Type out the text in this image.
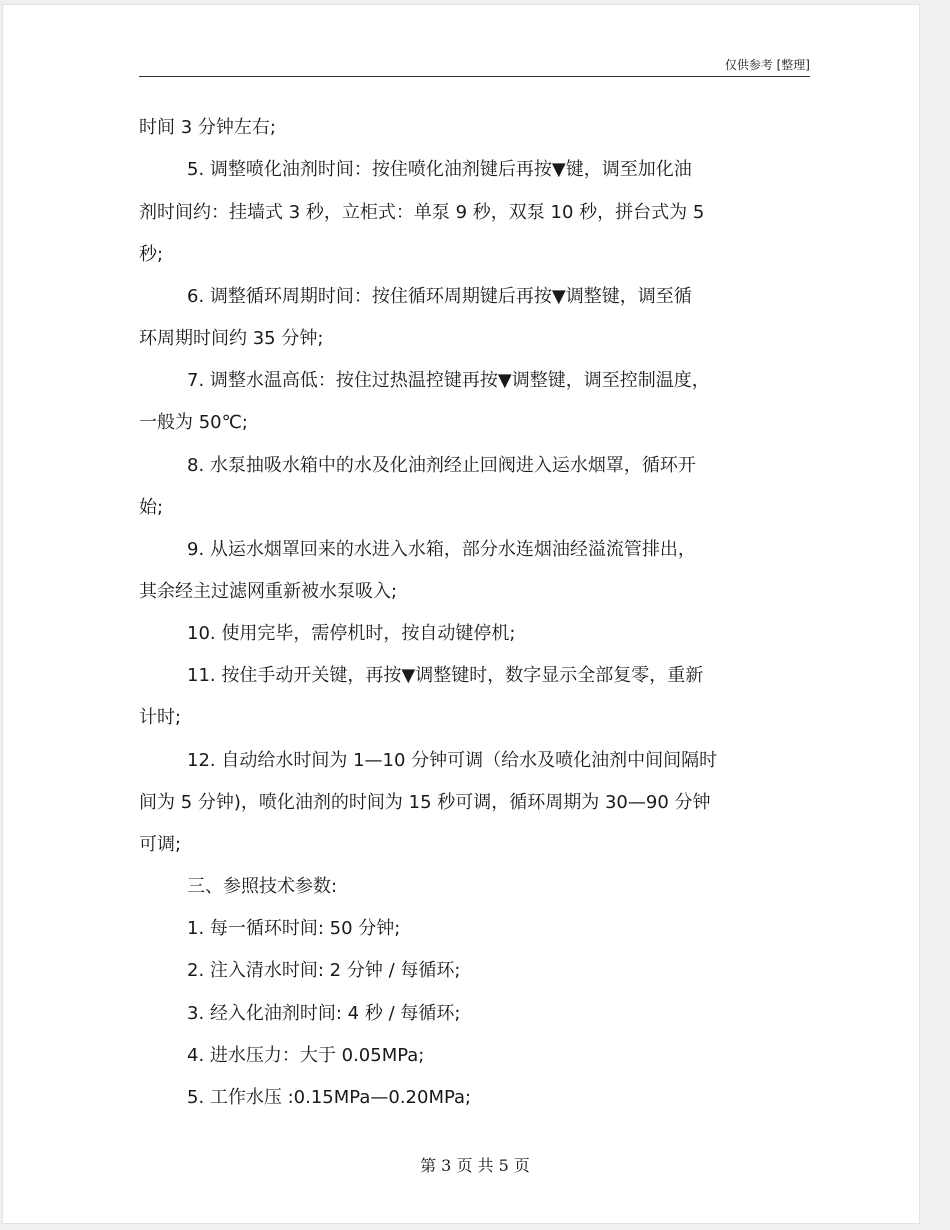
仅供参考 [整理]
时间 3 分钟左右;
5. 调整喷化油剂时间：按住喷化油剂键后再按▼键，调至加化油
剂时间约：挂墙式 3 秒，立柜式：单泵 9 秒，双泵 10 秒，拼台式为 5
秒;
6. 调整循环周期时间：按住循环周期键后再按▼调整键，调至循
环周期时间约 35 分钟;
7. 调整水温高低：按住过热温控键再按▼调整键，调至控制温度，
一般为 50℃;
8. 水泵抽吸水箱中的水及化油剂经止回阀进入运水烟罩，循环开
始;
9. 从运水烟罩回来的水进入水箱，部分水连烟油经溢流管排出，
其余经主过滤网重新被水泵吸入;
10. 使用完毕，需停机时，按自动键停机;
11. 按住手动开关键，再按▼调整键时，数字显示全部复零，重新
计时;
12. 自动给水时间为 1—10 分钟可调（给水及喷化油剂中间间隔时
间为 5 分钟)，喷化油剂的时间为 15 秒可调，循环周期为 30—90 分钟
可调;
三、参照技术参数:
1. 每一循环时间: 50 分钟;
2. 注入清水时间: 2 分钟 / 每循环;
3. 经入化油剂时间: 4 秒 / 每循环;
4. 进水压力：大于 0.05MPa;
5. 工作水压 :0.15MPa—0.20MPa;
第 3 页 共 5 页
